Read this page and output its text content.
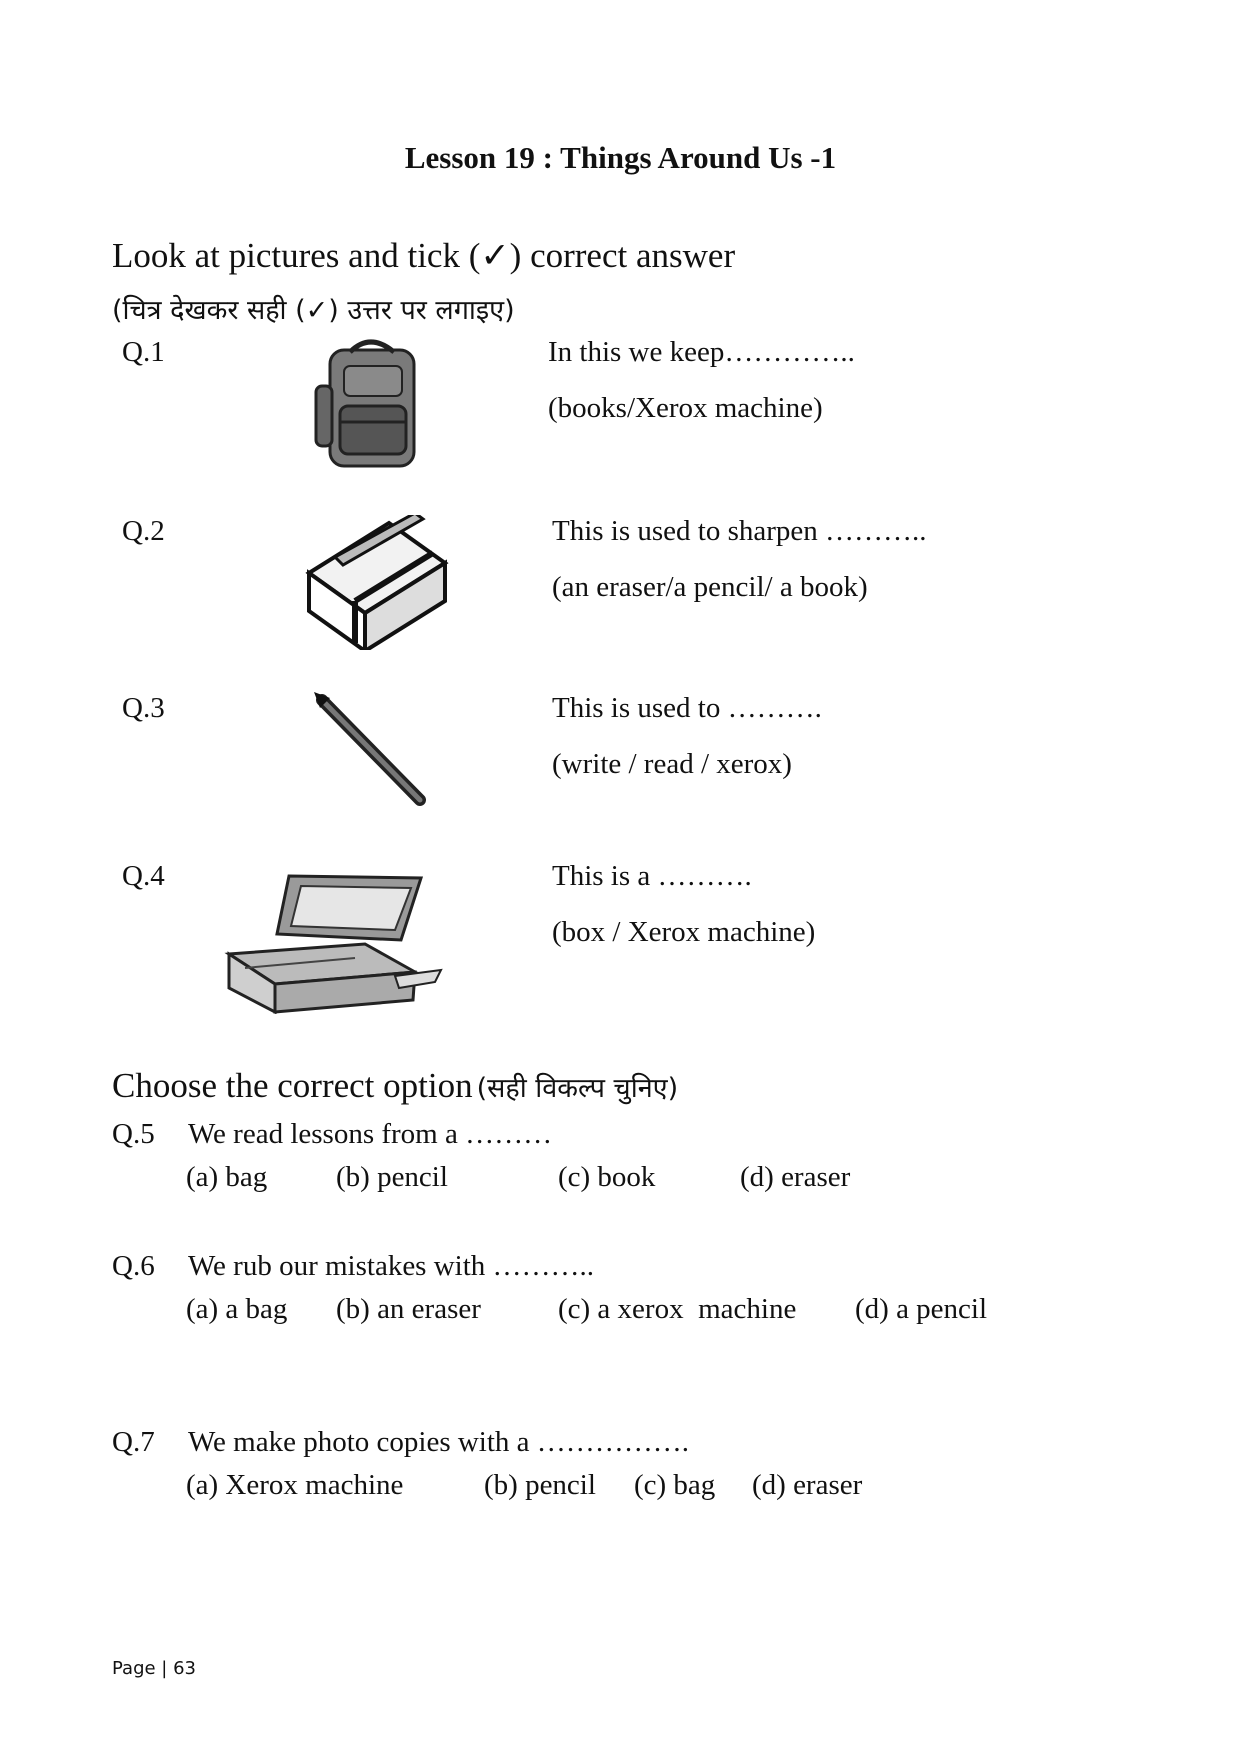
Lesson 19 : Things Around Us -1
Look at pictures and tick (✓) correct answer
(चित्र देखकर सही (✓) उत्तर पर लगाइए)
Q.1	In this we keep…………..
(books/Xerox machine)
Q.2	This is used to sharpen ………..
(an eraser/a pencil/ a book)
Q.3	This is used to ……….
(write / read / xerox)
Q.4	This is a ……….
(box / Xerox machine)
Choose the correct option (सही विकल्प चुनिए)
Q.5 We read lessons from a ………
(a) bag (b) pencil	(c) book	(d) eraser
Q.6 We rub our mistakes with ………..
(a) a bag (b) an eraser	(c) a xerox  machine (d) a pencil
Q.7 We make photo copies with a …………….
(a) Xerox machine	(b) pencil (c) bag (d) eraser
Page | 63
